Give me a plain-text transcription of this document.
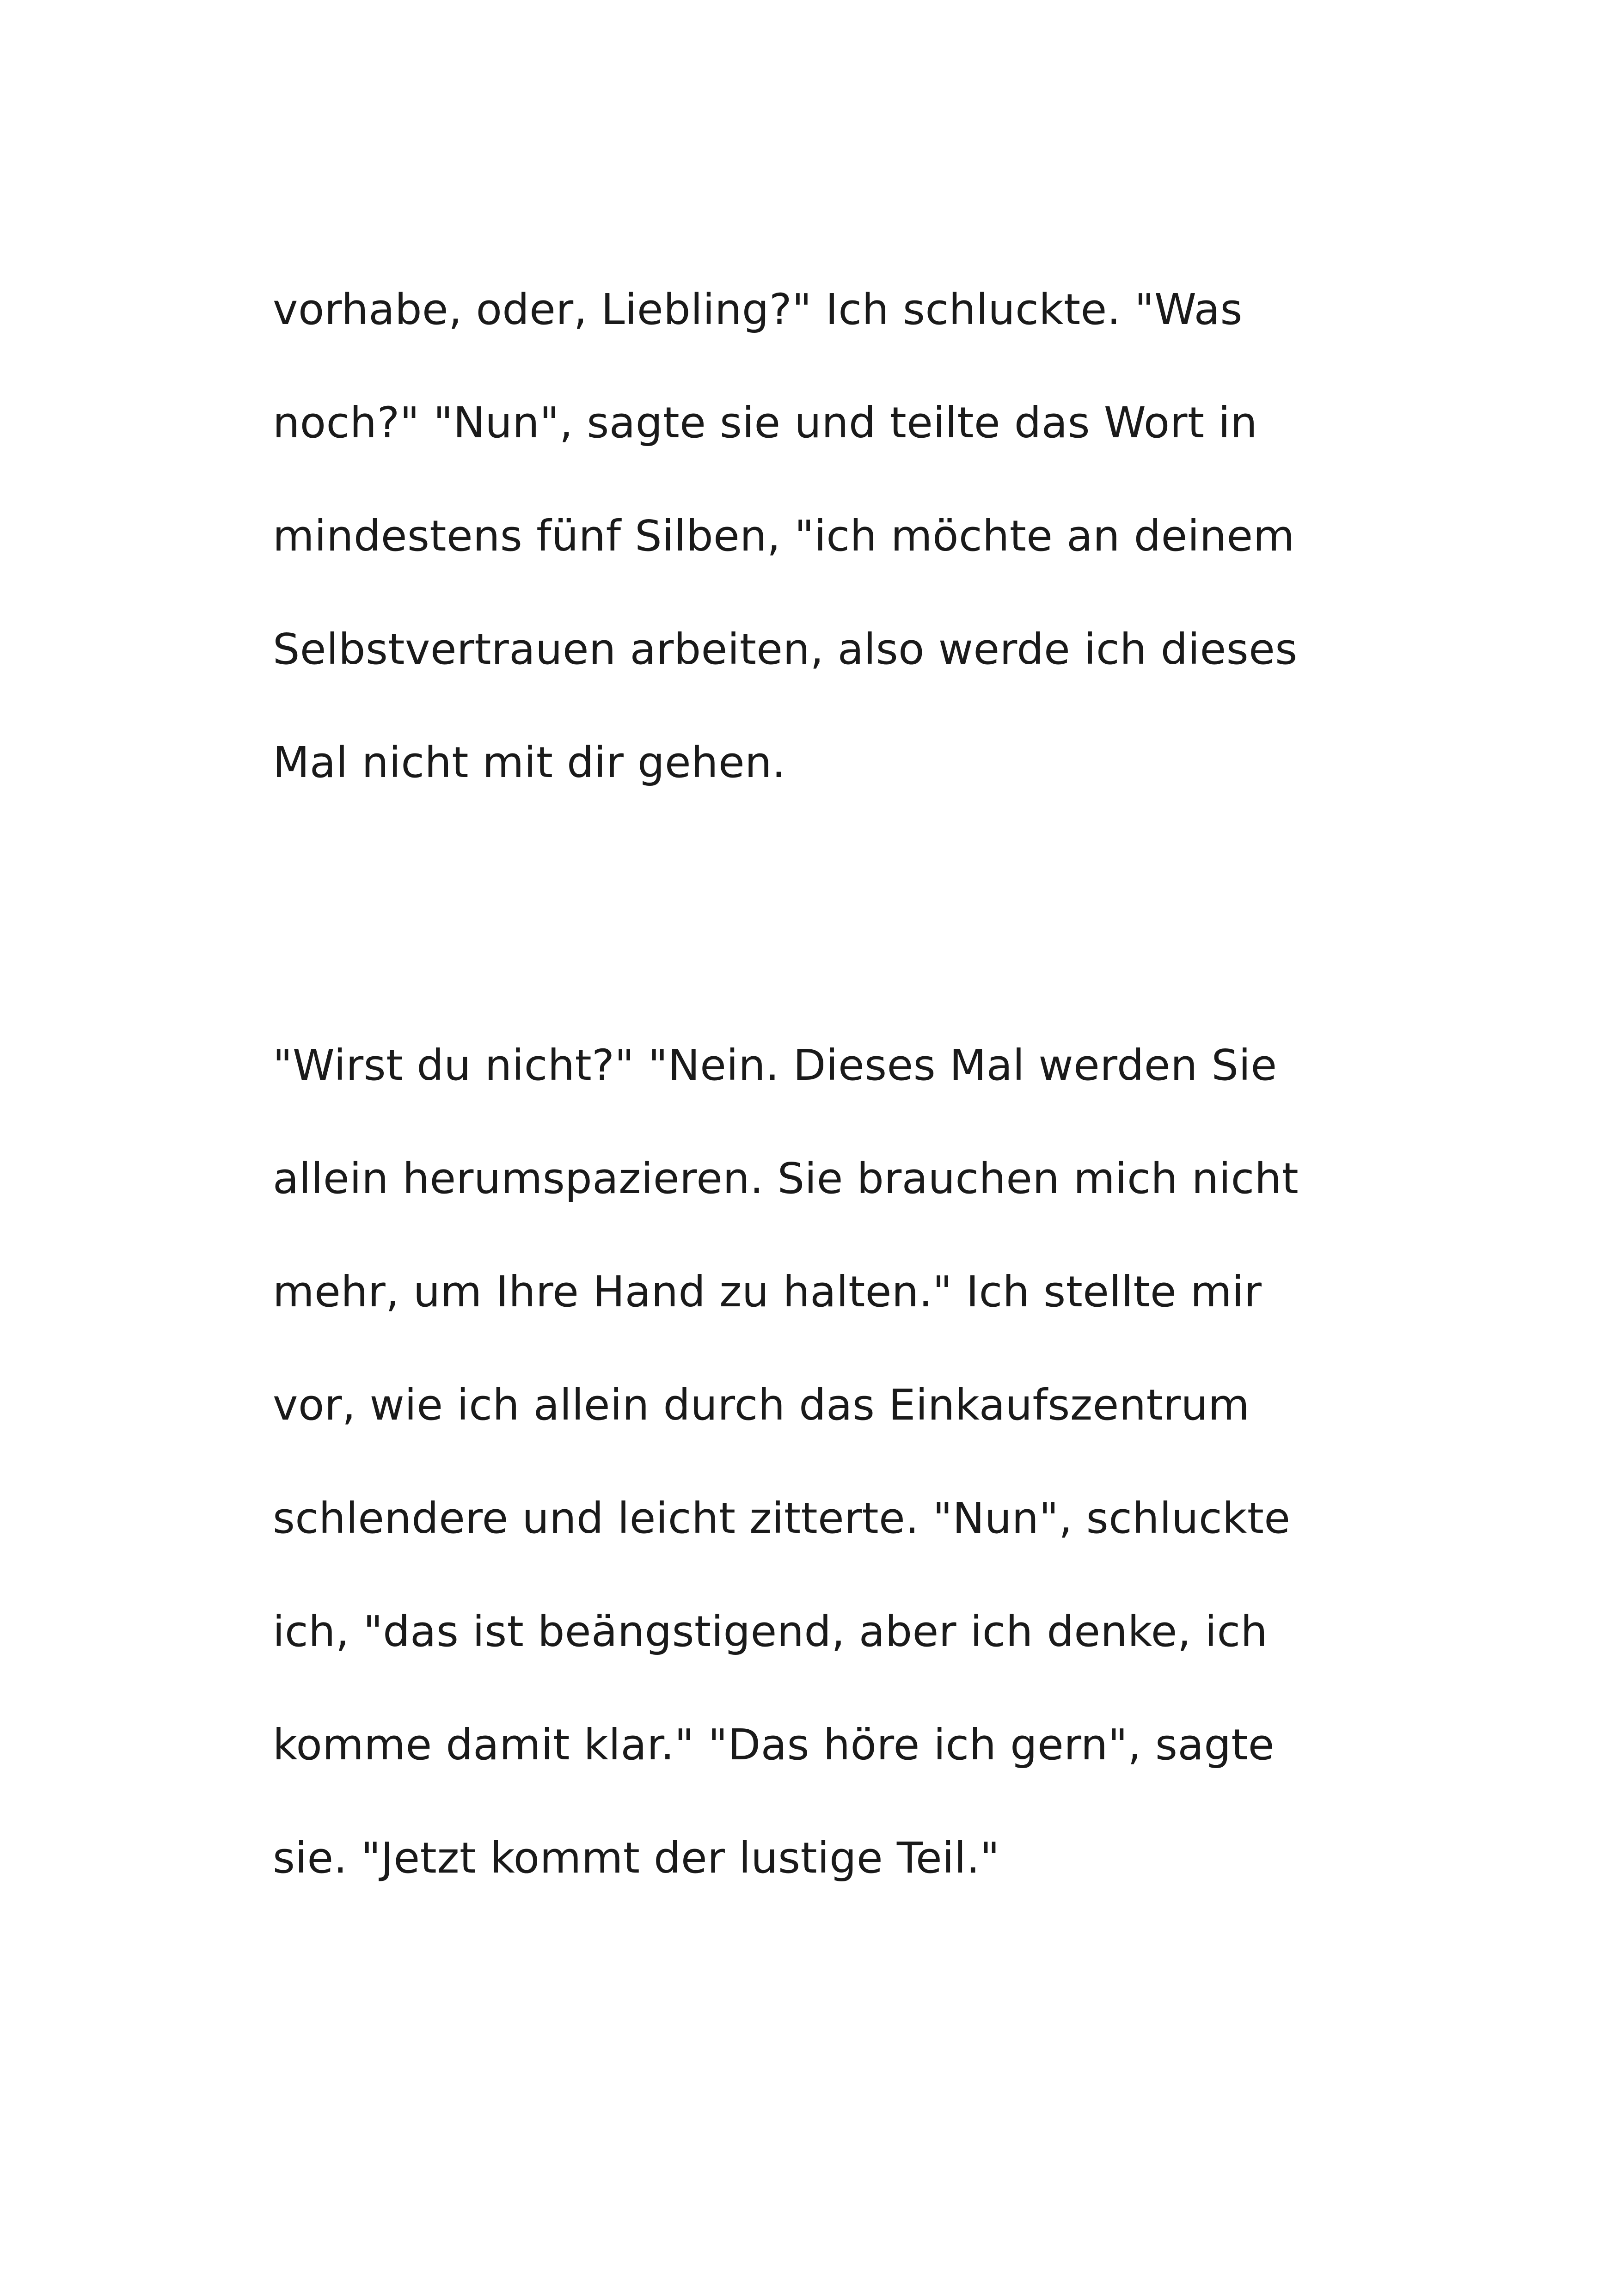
vorhabe, oder, Liebling?" Ich schluckte. "Was

noch?" "Nun", sagte sie und teilte das Wort in

mindestens fünf Silben, "ich möchte an deinem

Selbstvertrauen arbeiten, also werde ich dieses

Mal nicht mit dir gehen.

"Wirst du nicht?" "Nein. Dieses Mal werden Sie

allein herumspazieren. Sie brauchen mich nicht

mehr, um Ihre Hand zu halten." Ich stellte mir

vor, wie ich allein durch das Einkaufszentrum

schlendere und leicht zitterte. "Nun", schluckte

ich, "das ist beängstigend, aber ich denke, ich

komme damit klar." "Das höre ich gern", sagte

sie. "Jetzt kommt der lustige Teil."
